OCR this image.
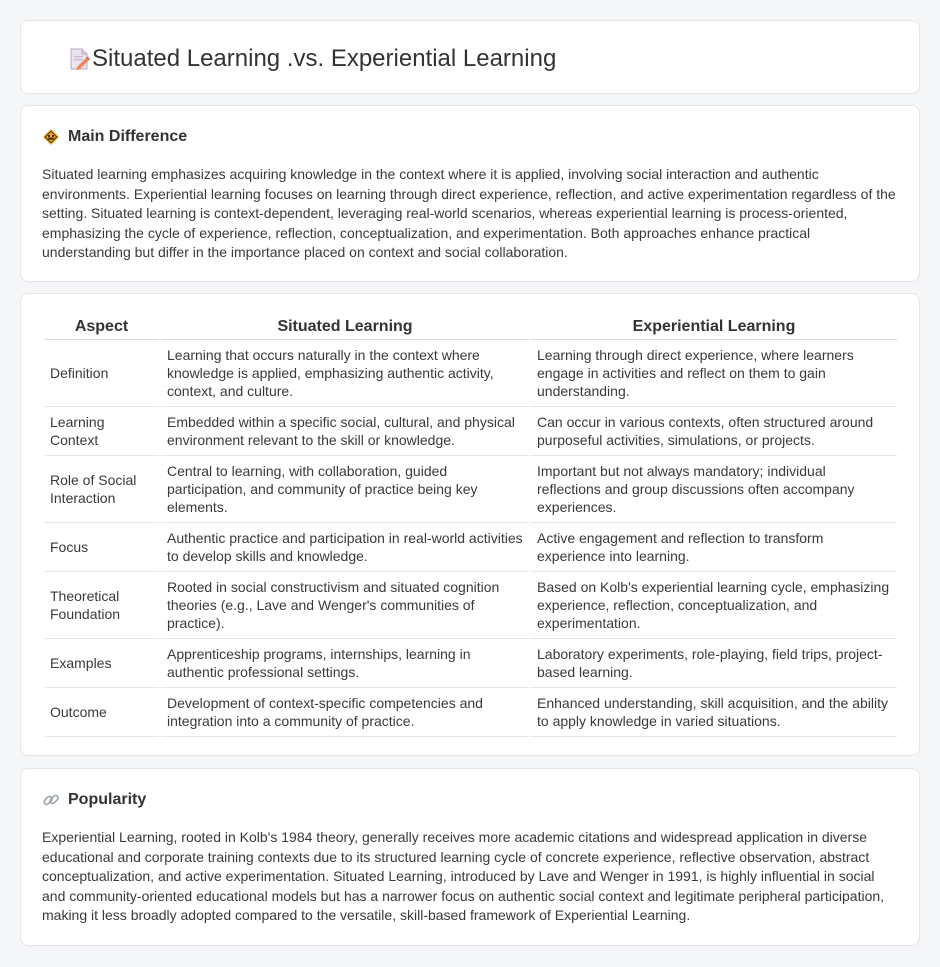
Situated Learning .vs. Experiential Learning
Main Difference

Situated learning emphasizes acquiring knowledge in the context where it is applied, involving social interaction and authentic environments. Experiential learning focuses on learning through direct experience, reflection, and active experimentation regardless of the setting. Situated learning is context-dependent, leveraging real-world scenarios, whereas experiential learning is process-oriented, emphasizing the cycle of experience, reflection, conceptualization, and experimentation. Both approaches enhance practical understanding but differ in the importance placed on context and social collaboration.

Aspect	Situated Learning	Experiential Learning
Definition	Learning that occurs naturally in the context where knowledge is applied, emphasizing authentic activity, context, and culture.	Learning through direct experience, where learners engage in activities and reflect on them to gain understanding.
Learning Context	Embedded within a specific social, cultural, and physical environment relevant to the skill or knowledge.	Can occur in various contexts, often structured around purposeful activities, simulations, or projects.
Role of Social Interaction	Central to learning, with collaboration, guided participation, and community of practice being key elements.	Important but not always mandatory; individual reflections and group discussions often accompany experiences.
Focus	Authentic practice and participation in real-world activities to develop skills and knowledge.	Active engagement and reflection to transform experience into learning.
Theoretical Foundation	Rooted in social constructivism and situated cognition theories (e.g., Lave and Wenger's communities of practice).	Based on Kolb's experiential learning cycle, emphasizing experience, reflection, conceptualization, and experimentation.
Examples	Apprenticeship programs, internships, learning in authentic professional settings.	Laboratory experiments, role-playing, field trips, project-based learning.
Outcome	Development of context-specific competencies and integration into a community of practice.	Enhanced understanding, skill acquisition, and the ability to apply knowledge in varied situations.
Popularity

Experiential Learning, rooted in Kolb's 1984 theory, generally receives more academic citations and widespread application in diverse educational and corporate training contexts due to its structured learning cycle of concrete experience, reflective observation, abstract conceptualization, and active experimentation. Situated Learning, introduced by Lave and Wenger in 1991, is highly influential in social and community-oriented educational models but has a narrower focus on authentic social context and legitimate peripheral participation, making it less broadly adopted compared to the versatile, skill-based framework of Experiential Learning.
